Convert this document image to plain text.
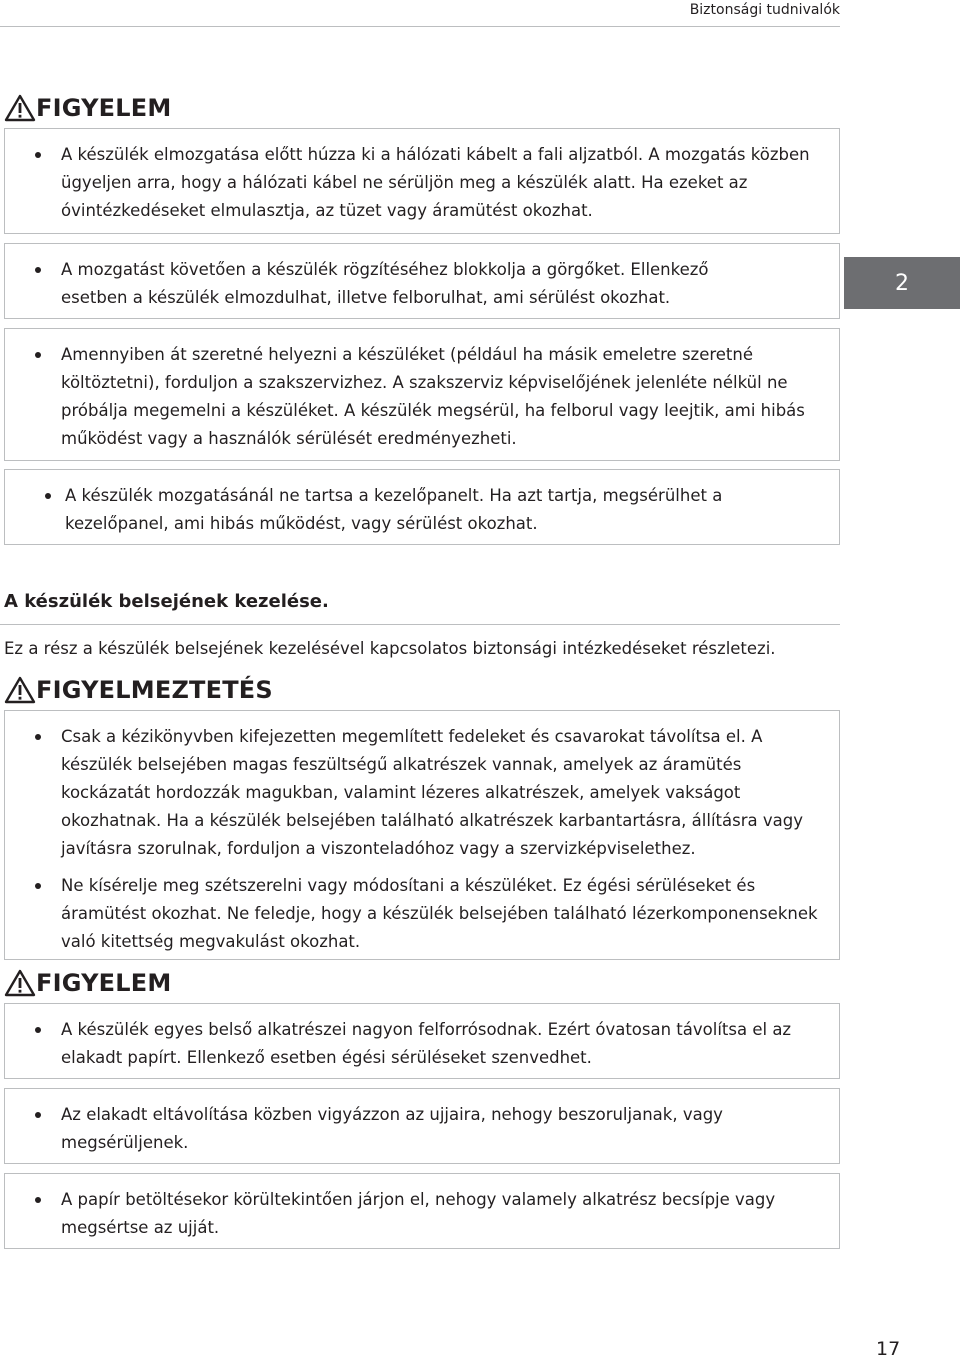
Biztonsági tudnivalók
2
FIGYELEM
A készülék elmozgatása előtt húzza ki a hálózati kábelt a fali aljzatból. A mozgatás közben ügyeljen arra, hogy a hálózati kábel ne sérüljön meg a készülék alatt. Ha ezeket az óvintézkedéseket elmulasztja, az tüzet vagy áramütést okozhat.
A mozgatást követően a készülék rögzítéséhez blokkolja a görgőket. Ellenkező esetben a készülék elmozdulhat, illetve felborulhat, ami sérülést okozhat.
Amennyiben át szeretné helyezni a készüléket (például ha másik emeletre szeretné költöztetni), forduljon a szakszervizhez. A szakszerviz képviselőjének jelenléte nélkül ne próbálja megemelni a készüléket. A készülék megsérül, ha felborul vagy leejtik, ami hibás működést vagy a használók sérülését eredményezheti.
A készülék mozgatásánál ne tartsa a kezelőpanelt. Ha azt tartja, megsérülhet a kezelőpanel, ami hibás működést, vagy sérülést okozhat.
A készülék belsejének kezelése.
Ez a rész a készülék belsejének kezelésével kapcsolatos biztonsági intézkedéseket részletezi.
FIGYELMEZTETÉS
Csak a kézikönyvben kifejezetten megemlített fedeleket és csavarokat távolítsa el. A készülék belsejében magas feszültségű alkatrészek vannak, amelyek az áramütés kockázatát hordozzák magukban, valamint lézeres alkatrészek, amelyek vakságot okozhatnak. Ha a készülék belsejében található alkatrészek karbantartásra, állításra vagy javításra szorulnak, forduljon a viszonteladóhoz vagy a szervizképviselethez.
Ne kísérelje meg szétszerelni vagy módosítani a készüléket. Ez égési sérüléseket és áramütést okozhat. Ne feledje, hogy a készülék belsejében található lézerkomponenseknek való kitettség megvakulást okozhat.
FIGYELEM
A készülék egyes belső alkatrészei nagyon felforrósodnak. Ezért óvatosan távolítsa el az elakadt papírt. Ellenkező esetben égési sérüléseket szenvedhet.
Az elakadt eltávolítása közben vigyázzon az ujjaira, nehogy beszoruljanak, vagy megsérüljenek.
A papír betöltésekor körültekintően járjon el, nehogy valamely alkatrész becsípje vagy megsértse az ujját.
17
